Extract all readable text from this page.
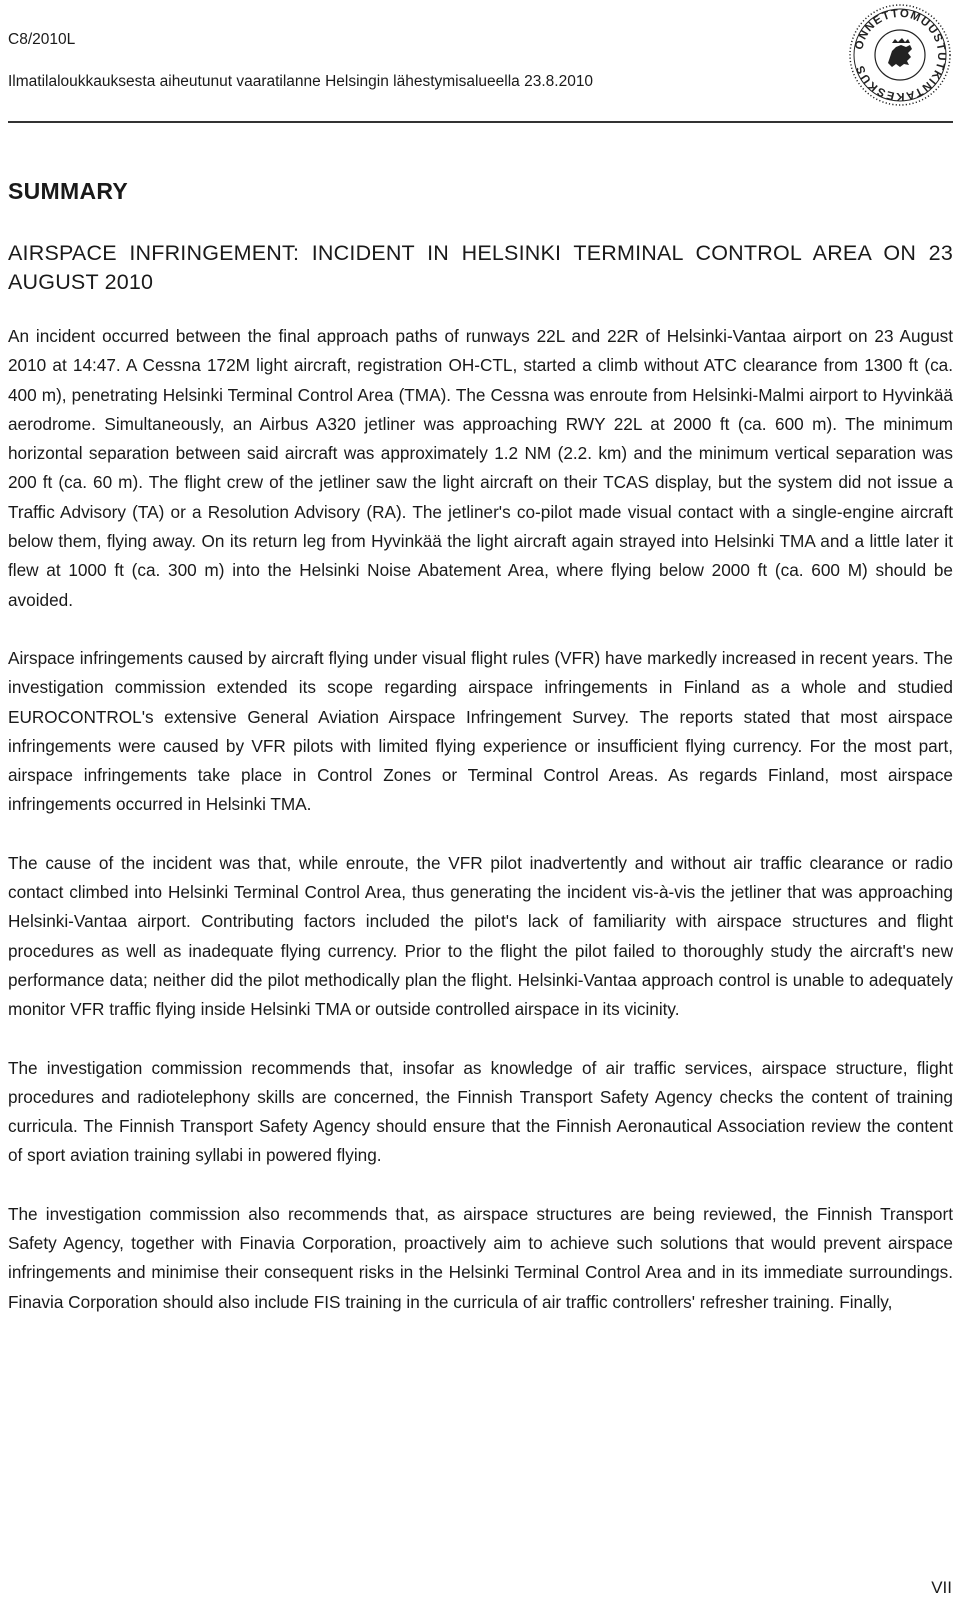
C8/2010L
Ilmatilaloukkauksesta aiheutunut vaaratilanne Helsingin lähestymisalueella 23.8.2010
ONNETTOMUUSTUTKINTAKESKUS
SUMMARY
AIRSPACE INFRINGEMENT: INCIDENT IN HELSINKI TERMINAL CONTROL AREA ON 23 AUGUST 2010

An incident occurred between the final approach paths of runways 22L and 22R of Helsinki-Vantaa airport on 23 August 2010 at 14:47. A Cessna 172M light aircraft, registration OH-CTL, started a climb without ATC clearance from 1300 ft (ca. 400 m), penetrating Helsinki Terminal Control Area (TMA). The Cessna was enroute from Helsinki-Malmi airport to Hyvinkää aerodrome. Simultaneously, an Airbus A320 jetliner was approaching RWY 22L at 2000 ft (ca. 600 m). The minimum horizontal separation between said aircraft was approximately 1.2 NM (2.2. km) and the minimum vertical separation was 200 ft (ca. 60 m). The flight crew of the jetliner saw the light aircraft on their TCAS display, but the system did not issue a Traffic Advisory (TA) or a Resolution Advisory (RA). The jetliner's co-pilot made visual contact with a single-engine aircraft below them, flying away. On its return leg from Hyvinkää the light aircraft again strayed into Helsinki TMA and a little later it flew at 1000 ft (ca. 300 m) into the Helsinki Noise Abatement Area, where flying below 2000 ft (ca. 600 M) should be avoided.

Airspace infringements caused by aircraft flying under visual flight rules (VFR) have markedly increased in recent years. The investigation commission extended its scope regarding airspace infringements in Finland as a whole and studied EUROCONTROL's extensive General Aviation Airspace Infringement Survey. The reports stated that most airspace infringements were caused by VFR pilots with limited flying experience or insufficient flying currency. For the most part, airspace infringements take place in Control Zones or Terminal Control Areas. As regards Finland, most airspace infringements occurred in Helsinki TMA.

The cause of the incident was that, while enroute, the VFR pilot inadvertently and without air traffic clearance or radio contact climbed into Helsinki Terminal Control Area, thus generating the incident vis-à-vis the jetliner that was approaching Helsinki-Vantaa airport. Contributing factors included the pilot's lack of familiarity with airspace structures and flight procedures as well as inadequate flying currency. Prior to the flight the pilot failed to thoroughly study the aircraft's new performance data; neither did the pilot methodically plan the flight. Helsinki-Vantaa approach control is unable to adequately monitor VFR traffic flying inside Helsinki TMA or outside controlled airspace in its vicinity.

The investigation commission recommends that, insofar as knowledge of air traffic services, airspace structure, flight procedures and radiotelephony skills are concerned, the Finnish Transport Safety Agency checks the content of training curricula. The Finnish Transport Safety Agency should ensure that the Finnish Aeronautical Association review the content of sport aviation training syllabi in powered flying.

The investigation commission also recommends that, as airspace structures are being reviewed, the Finnish Transport Safety Agency, together with Finavia Corporation, proactively aim to achieve such solutions that would prevent airspace infringements and minimise their consequent risks in the Helsinki Terminal Control Area and in its immediate surroundings. Finavia Corporation should also include FIS training in the curricula of air traffic controllers' refresher training. Finally,

VII
